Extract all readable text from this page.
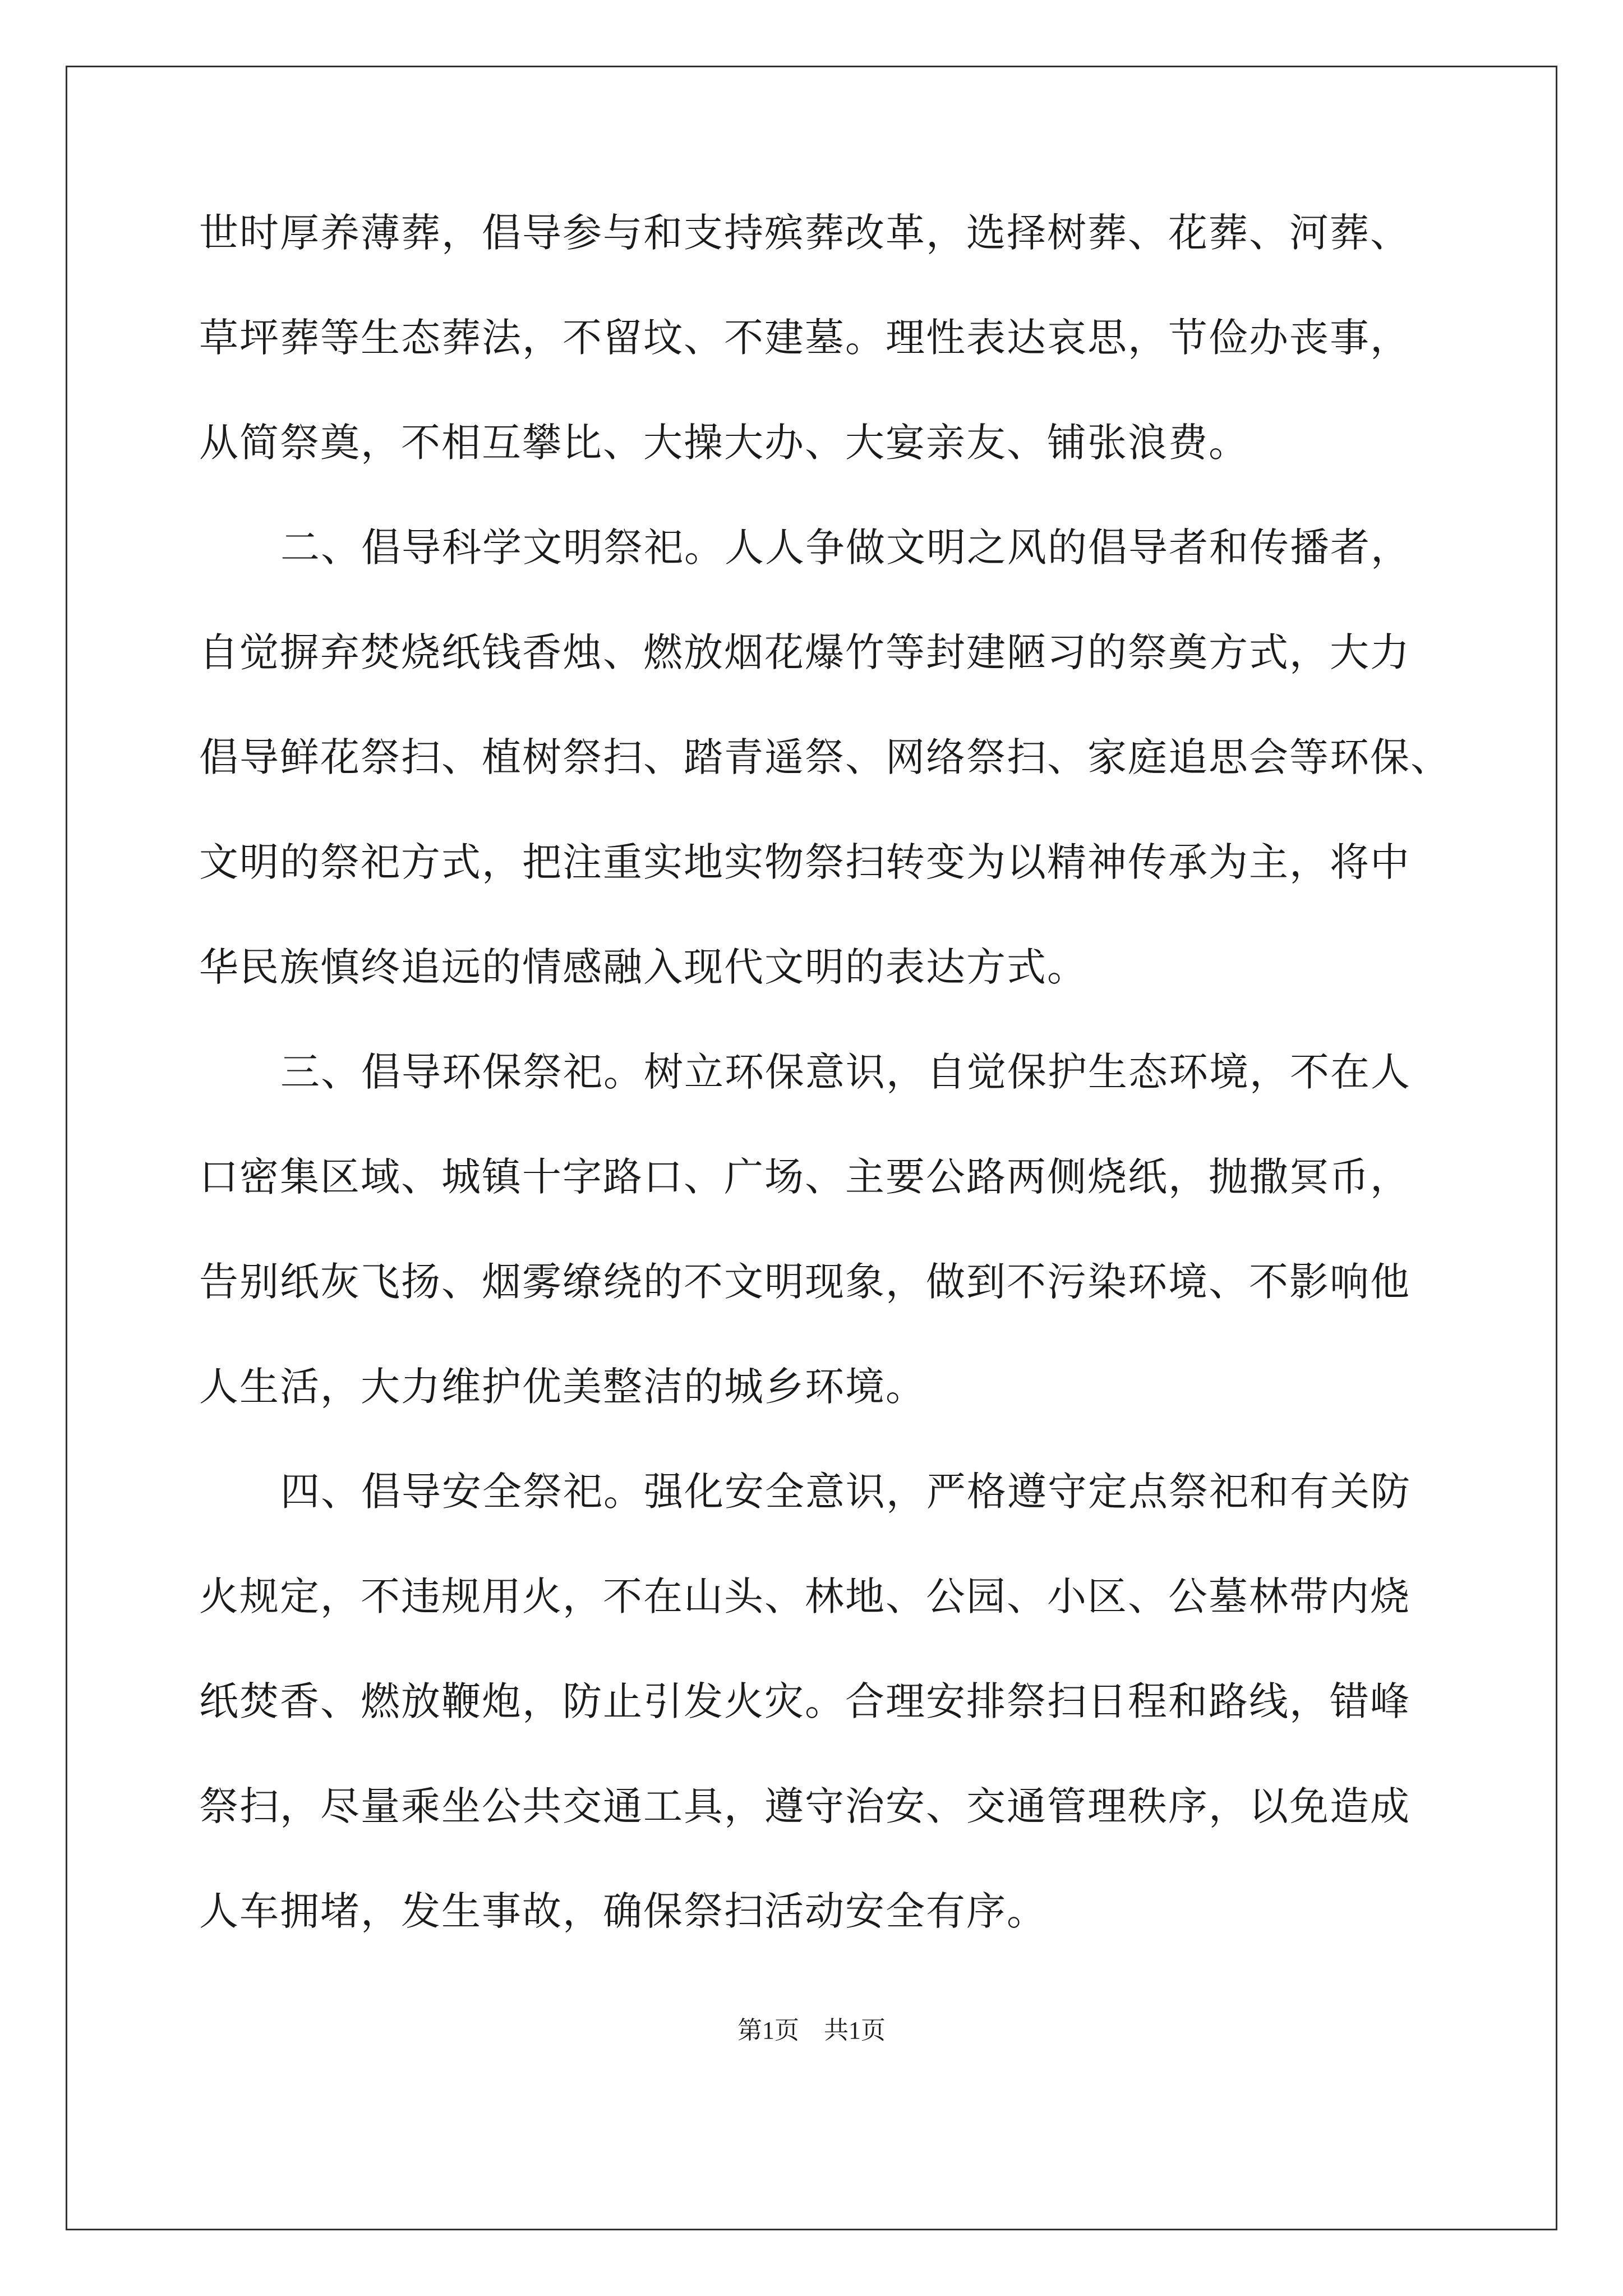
世时厚养薄葬，倡导参与和支持殡葬改革，选择树葬、花葬、河葬、
草坪葬等生态葬法，不留坟、不建墓。理性表达哀思，节俭办丧事，
从简祭奠，不相互攀比、大操大办、大宴亲友、铺张浪费。
二、倡导科学文明祭祀。人人争做文明之风的倡导者和传播者，
自觉摒弃焚烧纸钱香烛、燃放烟花爆竹等封建陋习的祭奠方式，大力
倡导鲜花祭扫、植树祭扫、踏青遥祭、网络祭扫、家庭追思会等环保、
文明的祭祀方式，把注重实地实物祭扫转变为以精神传承为主，将中
华民族慎终追远的情感融入现代文明的表达方式。
三、倡导环保祭祀。树立环保意识，自觉保护生态环境，不在人
口密集区域、城镇十字路口、广场、主要公路两侧烧纸，抛撒冥币，
告别纸灰飞扬、烟雾缭绕的不文明现象，做到不污染环境、不影响他
人生活，大力维护优美整洁的城乡环境。
四、倡导安全祭祀。强化安全意识，严格遵守定点祭祀和有关防
火规定，不违规用火，不在山头、林地、公园、小区、公墓林带内烧
纸焚香、燃放鞭炮，防止引发火灾。合理安排祭扫日程和路线，错峰
祭扫，尽量乘坐公共交通工具，遵守治安、交通管理秩序，以免造成
人车拥堵，发生事故，确保祭扫活动安全有序。
第1页 共1页
